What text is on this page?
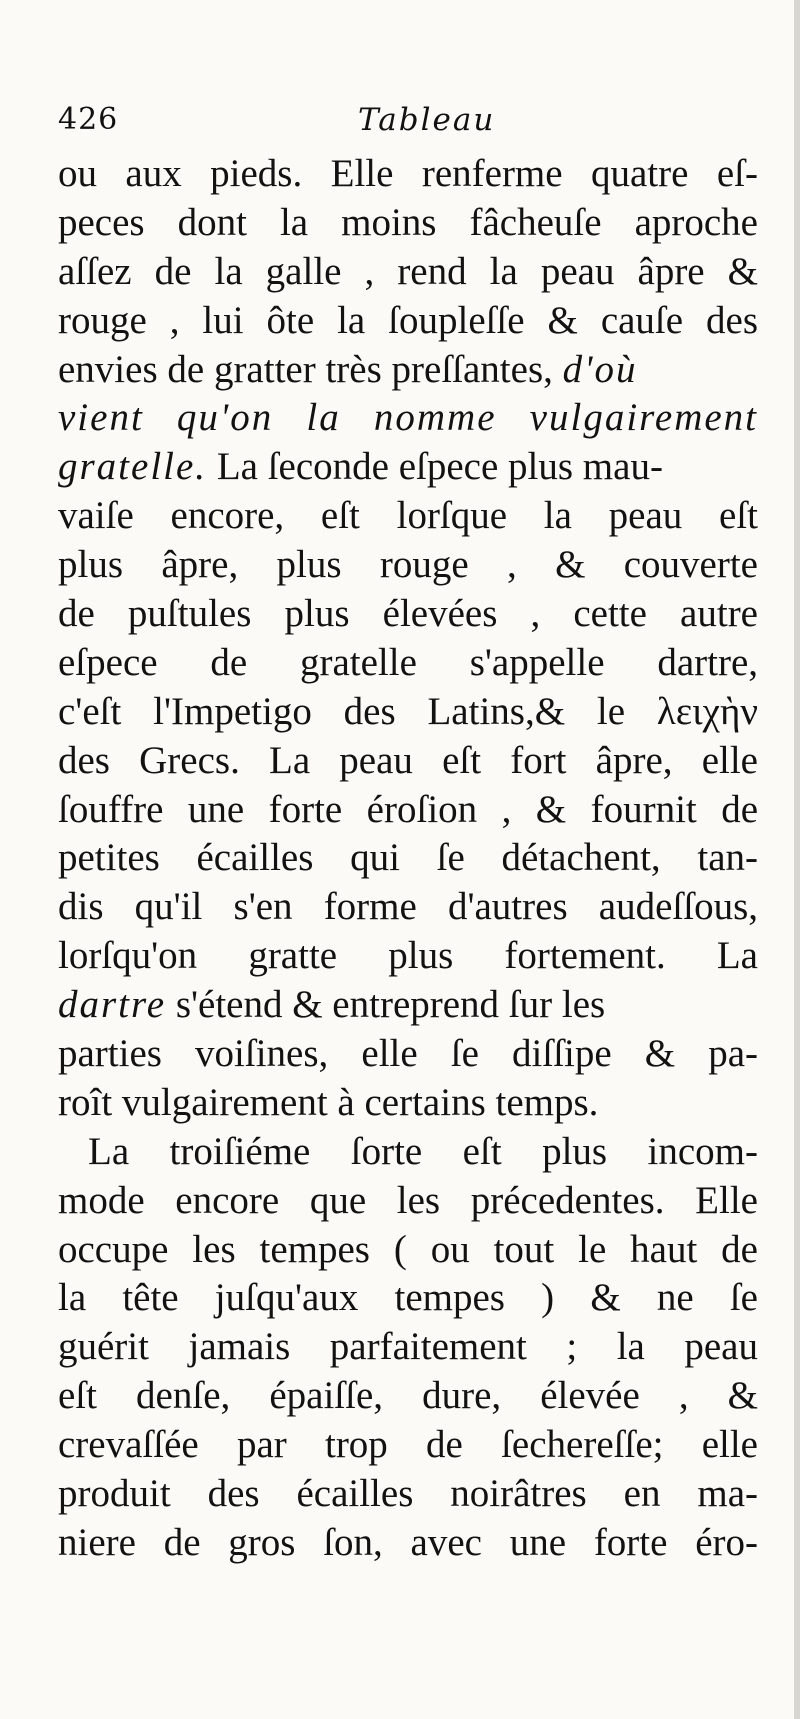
426	Tableau
ou aux pieds. Elle renferme quatre eſ-
peces dont la moins fâcheuſe aproche
aſſez de la galle , rend la peau âpre &
rouge , lui ôte la ſoupleſſe & cauſe des
envies de gratter très preſſantes, d'où
vient qu'on la nomme vulgairement
gratelle. La ſeconde eſpece plus mau-
vaiſe encore, eſt lorſque la peau eſt
plus âpre, plus rouge , & couverte
de puſtules plus élevées , cette autre
eſpece de gratelle s'appelle dartre,
c'eſt l'Impetigo des Latins,& le λειχὴν
des Grecs. La peau eſt fort âpre, elle
ſouffre une forte éroſion , & fournit de
petites écailles qui ſe détachent, tan-
dis qu'il s'en forme d'autres audeſſous,
lorſqu'on gratte plus fortement. La
dartre s'étend & entreprend ſur les
parties voiſines, elle ſe diſſipe & pa-
roît vulgairement à certains temps.
La troiſiéme ſorte eſt plus incom-
mode encore que les précedentes. Elle
occupe les tempes ( ou tout le haut de
la tête juſqu'aux tempes ) & ne ſe
guérit jamais parfaitement ; la peau
eſt denſe, épaiſſe, dure, élevée , &
crevaſſée par trop de ſechereſſe; elle
produit des écailles noirâtres en ma-
niere de gros ſon, avec une forte éro-
